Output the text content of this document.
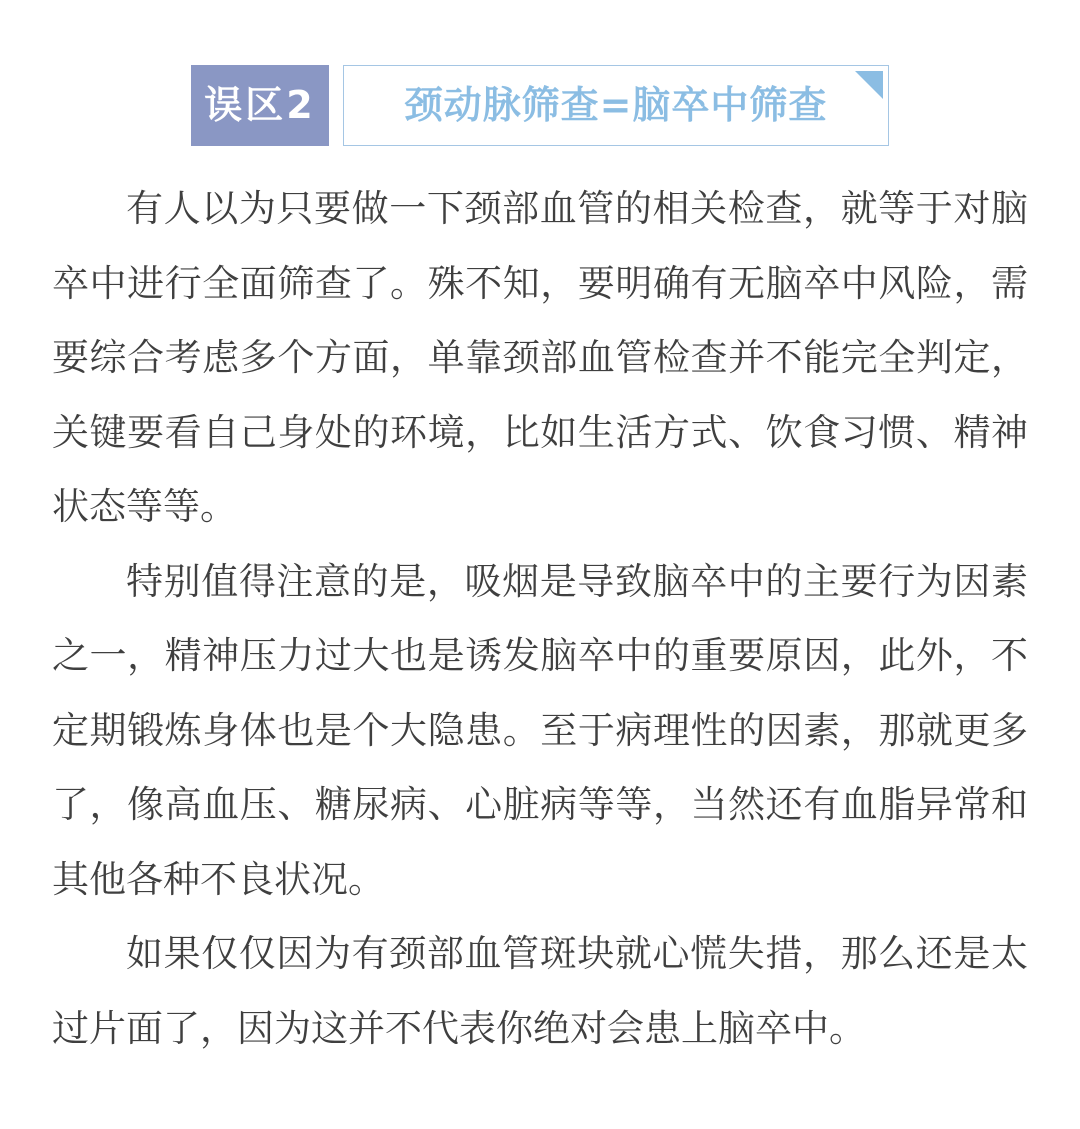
误区2	颈动脉筛查=脑卒中筛查

有人以为只要做一下颈部血管的相关检查，就等于对脑卒中进行全面筛查了。殊不知，要明确有无脑卒中风险，需要综合考虑多个方面，单靠颈部血管检查并不能完全判定，关键要看自己身处的环境，比如生活方式、饮食习惯、精神状态等等。

特别值得注意的是，吸烟是导致脑卒中的主要行为因素之一，精神压力过大也是诱发脑卒中的重要原因，此外，不定期锻炼身体也是个大隐患。至于病理性的因素，那就更多了，像高血压、糖尿病、心脏病等等，当然还有血脂异常和其他各种不良状况。

如果仅仅因为有颈部血管斑块就心慌失措，那么还是太过片面了，因为这并不代表你绝对会患上脑卒中。
